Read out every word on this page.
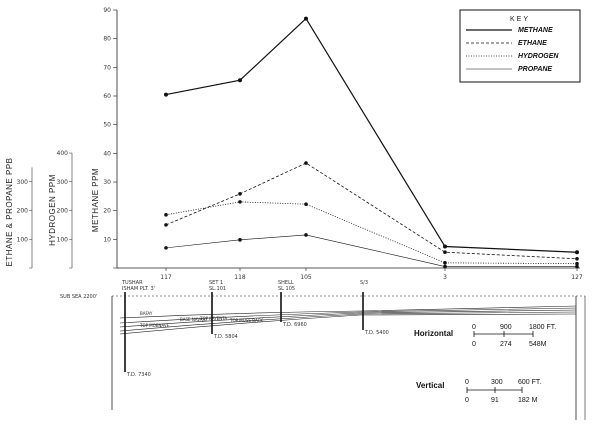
10
20
30
40
50
60
70
80
90
METHANE PPM
100
200
300
400
HYDROGEN PPM
100
200
300
ETHANE & PROPANE PPB
117	118	105	3	127
KEY
METHANE
ETHANE
HYDROGEN
PROPANE
SUB SEA 2200'
BAFAY
BASE NAVAJO
TOP KAYENTA
TOP MOENAVE
TOP MOSS BACK
TUSHAR
ISHAM PLT. 3'
T.D. 7340
SET 1
SL.101
T.D. 5804
SHELL
SL 105
T.D. 6960
S/3
T.D. 5400	Horizontal
0	900 1800 FT.
0	274 548M
Vertical	0	300 600 FT.
0	91	182 M
